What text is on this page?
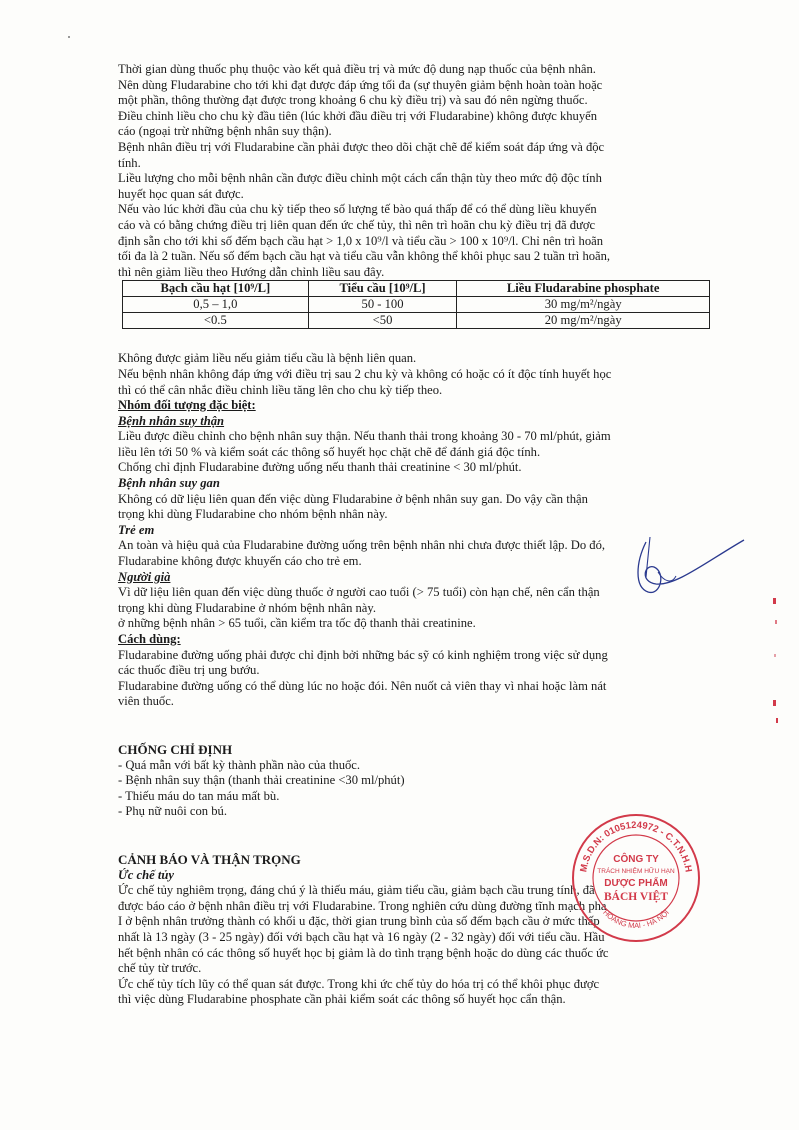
Thời gian dùng thuốc phụ thuộc vào kết quả điều trị và mức độ dung nạp thuốc của bệnh nhân.

Nên dùng Fludarabine cho tới khi đạt được đáp ứng tối đa (sự thuyên giảm bệnh hoàn toàn hoặc

một phần, thông thường đạt được trong khoảng 6 chu kỳ điều trị) và sau đó nên ngừng thuốc.

Điều chỉnh liều cho chu kỳ đầu tiên (lúc khởi đầu điều trị với Fludarabine) không được khuyến

cáo (ngoại trừ những bệnh nhân suy thận).

Bệnh nhân điều trị với Fludarabine cần phải được theo dõi chặt chẽ để kiểm soát đáp ứng và độc

tính.

Liều lượng cho mỗi bệnh nhân cần được điều chỉnh một cách cẩn thận tùy theo mức độ độc tính

huyết học quan sát được.

Nếu vào lúc khởi đầu của chu kỳ tiếp theo số lượng tế bào quá thấp để có thể dùng liều khuyến

cáo và có bằng chứng điều trị liên quan đến ức chế tủy, thì nên trì hoãn chu kỳ điều trị đã được

định sẵn cho tới khi số đếm bạch cầu hạt > 1,0 x 10⁹/l và tiểu cầu > 100 x 10⁹/l. Chỉ nên trì hoãn

tối đa là 2 tuần. Nếu số đếm bạch cầu hạt và tiểu cầu vẫn không thể khôi phục sau 2 tuần trì hoãn,

thì nên giảm liều theo Hướng dẫn chỉnh liều sau đây.

Bạch cầu hạt [10⁹/L]	Tiểu cầu [10⁹/L]	Liều Fludarabine phosphate
0,5 – 1,0	50 - 100	30 mg/m²/ngày
<0.5	<50	20 mg/m²/ngày

Không được giảm liều nếu giảm tiểu cầu là bệnh liên quan.

Nếu bệnh nhân không đáp ứng với điều trị sau 2 chu kỳ và không có hoặc có ít độc tính huyết học

thì có thể cân nhắc điều chỉnh liều tăng lên cho chu kỳ tiếp theo.

Nhóm đối tượng đặc biệt:

Bệnh nhân suy thận

Liều được điều chỉnh cho bệnh nhân suy thận. Nếu thanh thải trong khoảng 30 - 70 ml/phút, giảm

liều lên tới 50 % và kiểm soát các thông số huyết học chặt chẽ để đánh giá độc tính.

Chống chỉ định Fludarabine đường uống nếu thanh thải creatinine < 30 ml/phút.

Bệnh nhân suy gan

Không có dữ liệu liên quan đến việc dùng Fludarabine ở bệnh nhân suy gan. Do vậy cần thận

trọng khi dùng Fludarabine cho nhóm bệnh nhân này.

Trẻ em

An toàn và hiệu quả của Fludarabine đường uống trên bệnh nhân nhi chưa được thiết lập. Do đó,

Fludarabine không được khuyến cáo cho trẻ em.

Người già

Vì dữ liệu liên quan đến việc dùng thuốc ở người cao tuổi (> 75 tuổi) còn hạn chế, nên cẩn thận

trọng khi dùng Fludarabine ở nhóm bệnh nhân này.

ở những bệnh nhân > 65 tuổi, cần kiểm tra tốc độ thanh thải creatinine.

Cách dùng:

Fludarabine đường uống phải được chỉ định bởi những bác sỹ có kinh nghiệm trong việc sử dụng

các thuốc điều trị ung bướu.

Fludarabine đường uống có thể dùng lúc no hoặc đói. Nên nuốt cả viên thay vì nhai hoặc làm nát

viên thuốc.

CHỐNG CHỈ ĐỊNH

- Quá mẫn với bất kỳ thành phần nào của thuốc.

- Bệnh nhân suy thận (thanh thải creatinine <30 ml/phút)

- Thiếu máu do tan máu mất bù.

- Phụ nữ nuôi con bú.

CẢNH BÁO VÀ THẬN TRỌNG

Ức chế tủy

Ức chế tủy nghiêm trọng, đáng chú ý là thiếu máu, giảm tiểu cầu, giảm bạch cầu trung tính, đã

được báo cáo ở bệnh nhân điều trị với Fludarabine. Trong nghiên cứu dùng đường tĩnh mạch pha

I ở bệnh nhân trưởng thành có khối u đặc, thời gian trung bình của số đếm bạch cầu ở mức thấp

nhất là 13 ngày (3 - 25 ngày) đối với bạch cầu hạt và 16 ngày (2 - 32 ngày) đối với tiểu cầu. Hầu

hết bệnh nhân có các thông số huyết học bị giảm là do tình trạng bệnh hoặc do dùng các thuốc ức

chế tủy từ trước.

Ức chế tủy tích lũy có thể quan sát được. Trong khi ức chế tủy do hóa trị có thể khôi phục được

thì việc dùng Fludarabine phosphate cần phải kiểm soát các thông số huyết học cẩn thận.

M.S.D.N: 0105124972 - C.T.N.H.H
HOÀNG MAI - HÀ NỘI
CÔNG TY
TRÁCH NHIỆM HỮU HẠN
DƯỢC PHẨM
BÁCH VIỆT
